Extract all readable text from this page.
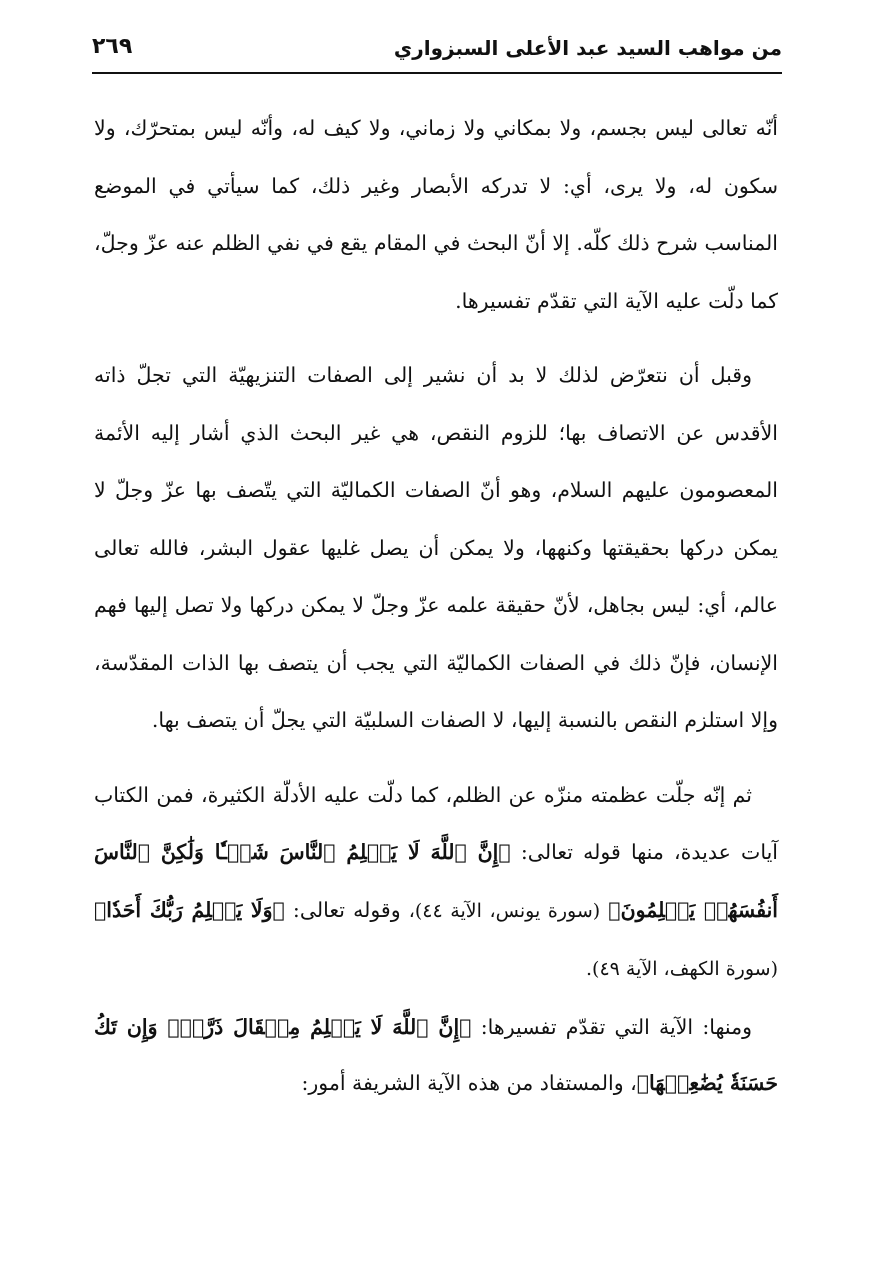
من مواهب السيد عبد الأعلى السبزواري
٢٦٩

أنّه تعالى ليس بجسم، ولا بمكاني ولا زماني، ولا كيف له، وأنّه ليس بمتحرّك، ولا سكون له، ولا يرى، أي: لا تدركه الأبصار وغير ذلك، كما سيأتي في الموضع المناسب شرح ذلك كلّه. إلا أنّ البحث في المقام يقع في نفي الظلم عنه عزّ وجلّ، كما دلّت عليه الآية التي تقدّم تفسيرها.

وقبل أن نتعرّض لذلك لا بد أن نشير إلى الصفات التنزيهيّة التي تجلّ ذاته الأقدس عن الاتصاف بها؛ للزوم النقص، هي غير البحث الذي أشار إليه الأئمة المعصومون عليهم السلام، وهو أنّ الصفات الكماليّة التي يتّصف بها عزّ وجلّ لا يمكن دركها بحقيقتها وكنهها، ولا يمكن أن يصل غليها عقول البشر، فالله تعالى عالم، أي: ليس بجاهل، لأنّ حقيقة علمه عزّ وجلّ لا يمكن دركها ولا تصل إليها فهم الإنسان، فإنّ ذلك في الصفات الكماليّة التي يجب أن يتصف بها الذات المقدّسة، وإلا استلزم النقص بالنسبة إليها، لا الصفات السلبيّة التي يجلّ أن يتصف بها.

ثم إنّه جلّت عظمته منزّه عن الظلم، كما دلّت عليه الأدلّة الكثيرة، فمن الكتاب آيات عديدة، منها قوله تعالى: ﴿إِنَّ ٱللَّهَ لَا يَظۡلِمُ ٱلنَّاسَ شَيۡـٔٗا وَلَٰكِنَّ ٱلنَّاسَ أَنفُسَهُمۡ يَظۡلِمُونَ﴾ (سورة يونس، الآية ٤٤)، وقوله تعالى: ﴿وَلَا يَظۡلِمُ رَبُّكَ أَحَدٗا﴾ (سورة الكهف، الآية ٤٩).

ومنها: الآية التي تقدّم تفسيرها: ﴿إِنَّ ٱللَّهَ لَا يَظۡلِمُ مِثۡقَالَ ذَرَّةٖۖ وَإِن تَكُ حَسَنَةٗ يُضَٰعِفۡهَا﴾، والمستفاد من هذه الآية الشريفة أمور:
